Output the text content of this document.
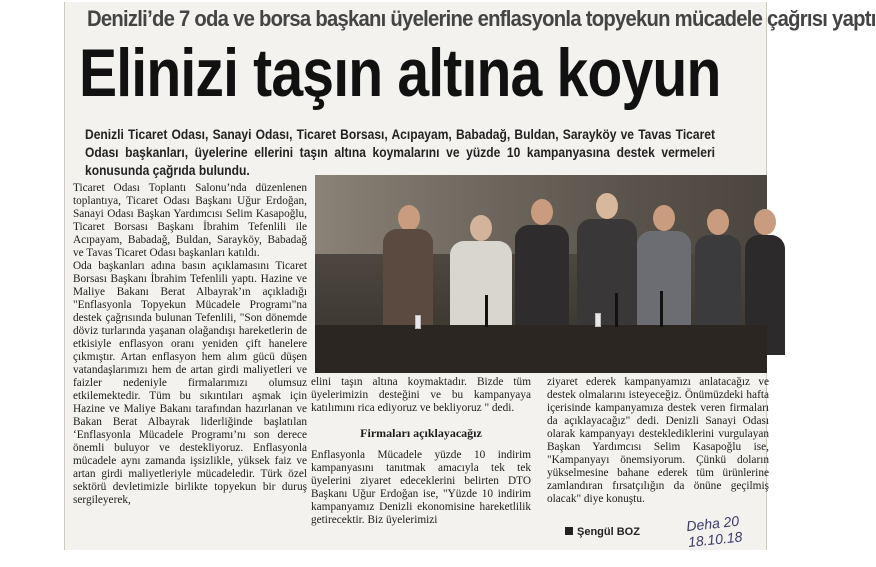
Denizli’de 7 oda ve borsa başkanı üyelerine enflasyonla topyekun mücadele çağrısı yaptı
Elinizi taşın altına koyun
Denizli Ticaret Odası, Sanayi Odası, Ticaret Borsası, Acıpayam, Babadağ, Buldan, Sarayköy ve Tavas Ticaret Odası başkanları, üyelerine ellerini taşın altına koymalarını ve yüzde 10 kampanyasına destek vermeleri konusunda çağrıda bulundu.

Ticaret Odası Toplantı Salonu’nda düzenlenen toplantıya, Ticaret Odası Başkanı Uğur Erdoğan, Sanayi Odası Başkan Yardımcısı Selim Kasapoğlu, Ticaret Borsası Başkanı İbrahim Tefenlili ile Acıpayam, Babadağ, Buldan, Sarayköy, Babadağ ve Tavas Ticaret Odası başkanları katıldı.

Oda başkanları adına basın açıklamasını Ticaret Borsası Başkanı İbrahim Tefenlili yaptı. Hazine ve Maliye Bakanı Berat Albayrak’ın açıkladığı "Enflasyonla Topyekun Mücadele Programı"na destek çağrısında bulunan Tefenlili, "Son dönemde döviz turlarında yaşanan olağandışı hareketlerin de etkisiyle enflasyon oranı yeniden çift hanelere çıkmıştır. Artan enflasyon hem alım gücü düşen vatandaşlarımızı hem de artan girdi maliyetleri ve faizler nedeniyle firmalarımızı olumsuz etkilemektedir. Tüm bu sıkıntıları aşmak için Hazine ve Maliye Bakanı tarafından hazırlanan ve Bakan Berat Albayrak liderliğinde başlatılan ‘Enflasyonla Mücadele Programı’nı son derece önemli buluyor ve destekliyoruz. Enflasyonla mücadele aynı zamanda işsizlikle, yüksek faiz ve artan girdi maliyetleriyle mücadeledir. Türk özel sektörü devletimizle birlikte topyekun bir duruş sergileyerek,

elini taşın altına koymaktadır. Bizde tüm üyelerimizin desteğini ve bu kampanyaya katılımını rica ediyoruz ve bekliyoruz " dedi.

Firmaları açıklayacağız

Enflasyonla Mücadele yüzde 10 indirim kampanyasını tanıtmak amacıyla tek tek üyelerini ziyaret edeceklerini belirten DTO Başkanı Uğur Erdoğan ise, "Yüzde 10 indirim kampanyamız Denizli ekonomisine hareketlilik getirecektir. Biz üyelerimizi

ziyaret ederek kampanyamızı anlatacağız ve destek olmalarını isteyeceğiz. Önümüzdeki hafta içerisinde kampanyamıza destek veren firmaları da açıklayacağız" dedi. Denizli Sanayi Odası olarak kampanyayı desteklediklerini vurgulayan Başkan Yardımcısı Selim Kasapoğlu ise, "Kampanyayı önemsiyorum. Çünkü doların yükselmesine bahane ederek tüm ürünlerine zamlandıran fırsatçılığın da önüne geçilmiş olacak" diye konuştu.

Şengül BOZ	Deha 20 18.10.18
